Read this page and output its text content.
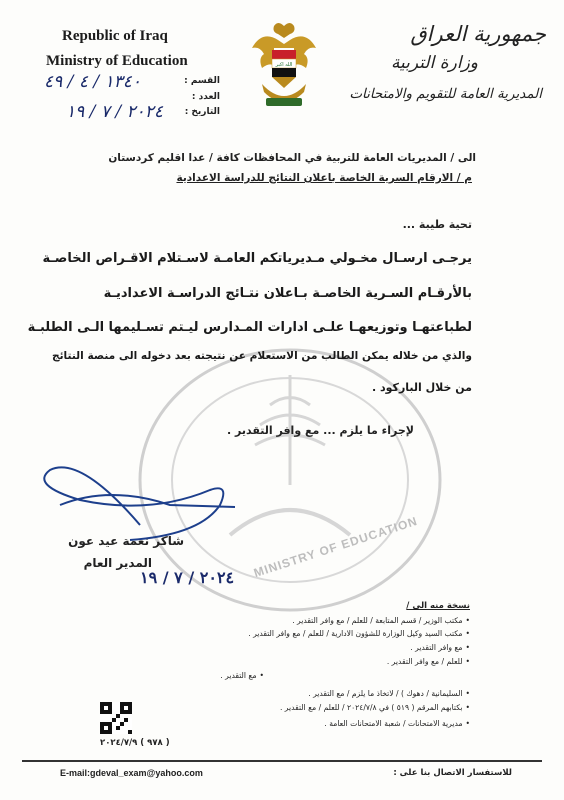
MINISTRY OF EDUCATION
Republic of Iraq
Ministry of Education
القسم :
العدد :
التاريخ :
١٣٤٠ / ٤ / ٤٩
٢٠٢٤ / ٧ / ١٩
الله اكبر
جمهورية العراق
وزارة التربية
المديرية العامة للتقويم والامتحانات
الى / المديريات العامة للتربية في المحافظات كافة / عدا اقليم كردستان
م / الارقام السرية الخاصة باعلان النتائج للدراسة الاعدادية
تحية طيبة ...
يرجـى ارسـال مخـولي مـديرياتكم العامـة لاسـتلام الاقـراص الخاصـة
بالأرقـام السـرية الخاصـة بـاعلان نتـائج الدراسـة الاعداديـة
لطباعتهـا وتوزيعهـا علـى ادارات المـدارس ليـتم تسـليمها الـى الطلبـة
والذي من خلاله يمكن الطالب من الاستعلام عن نتيجته بعد دخوله الى منصة النتائج
من خلال الباركود .
لإجراء ما يلزم ... مع وافر التقدير .
شاكر نعمة عيد عون
المدير العام
٢٠٢٤ / ٧ / ١٩
نسخة منه الى /
• مكتب الوزير / قسم المتابعة / للعلم / مع وافر التقدير .
• مكتب السيد وكيل الوزارة للشؤون الادارية / للعلم / مع وافر التقدير .
• مع وافر التقدير .
• للعلم / مع وافر التقدير .
• مع التقدير .
• السليمانية / دهوك ) / لاتخاذ ما يلزم / مع التقدير .
• بكتابهم المرقم ( ٥١٩ ) في ٢٠٢٤/٧/٨ / للعلم / مع التقدير .
• مديرية الامتحانات / شعبة الامتحانات العامة .
( ٩٧٨ ) ٢٠٢٤/٧/٩
E-mail:gdeval_exam@yahoo.com	للاستفسار الاتصال بنا على :
